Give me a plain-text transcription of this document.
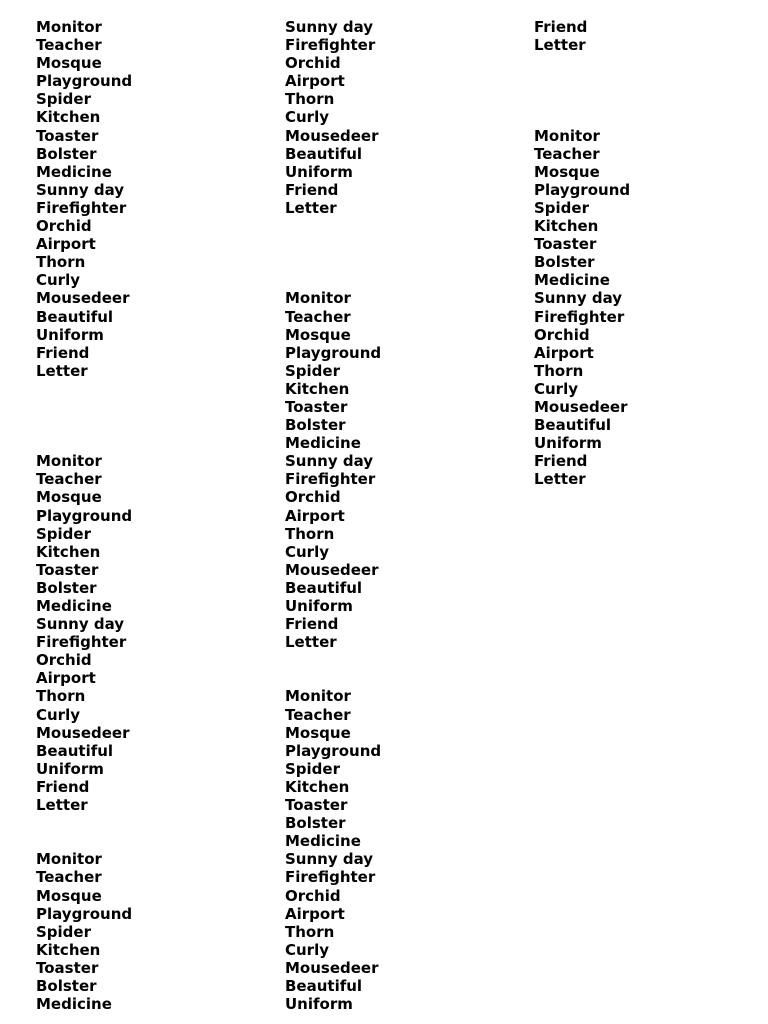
Monitor
Teacher
Mosque
Playground
Spider
Kitchen
Toaster
Bolster
Medicine
Sunny day
Firefighter
Orchid
Airport
Thorn
Curly
Mousedeer
Beautiful
Uniform
Friend
Letter
Monitor
Teacher
Mosque
Playground
Spider
Kitchen
Toaster
Bolster
Medicine
Sunny day
Firefighter
Orchid
Airport
Thorn
Curly
Mousedeer
Beautiful
Uniform
Friend
Letter
Monitor
Teacher
Mosque
Playground
Spider
Kitchen
Toaster
Bolster
Medicine
Sunny day
Firefighter
Orchid
Airport
Thorn
Curly
Mousedeer
Beautiful
Uniform
Friend
Letter
Monitor
Teacher
Mosque
Playground
Spider
Kitchen
Toaster
Bolster
Medicine
Sunny day
Firefighter
Orchid
Airport
Thorn
Curly
Mousedeer
Beautiful
Uniform
Friend
Letter
Monitor
Teacher
Mosque
Playground
Spider
Kitchen
Toaster
Bolster
Medicine
Sunny day
Firefighter
Orchid
Airport
Thorn
Curly
Mousedeer
Beautiful
Uniform
Friend
Letter
Monitor
Teacher
Mosque
Playground
Spider
Kitchen
Toaster
Bolster
Medicine
Sunny day
Firefighter
Orchid
Airport
Thorn
Curly
Mousedeer
Beautiful
Uniform
Friend
Letter
